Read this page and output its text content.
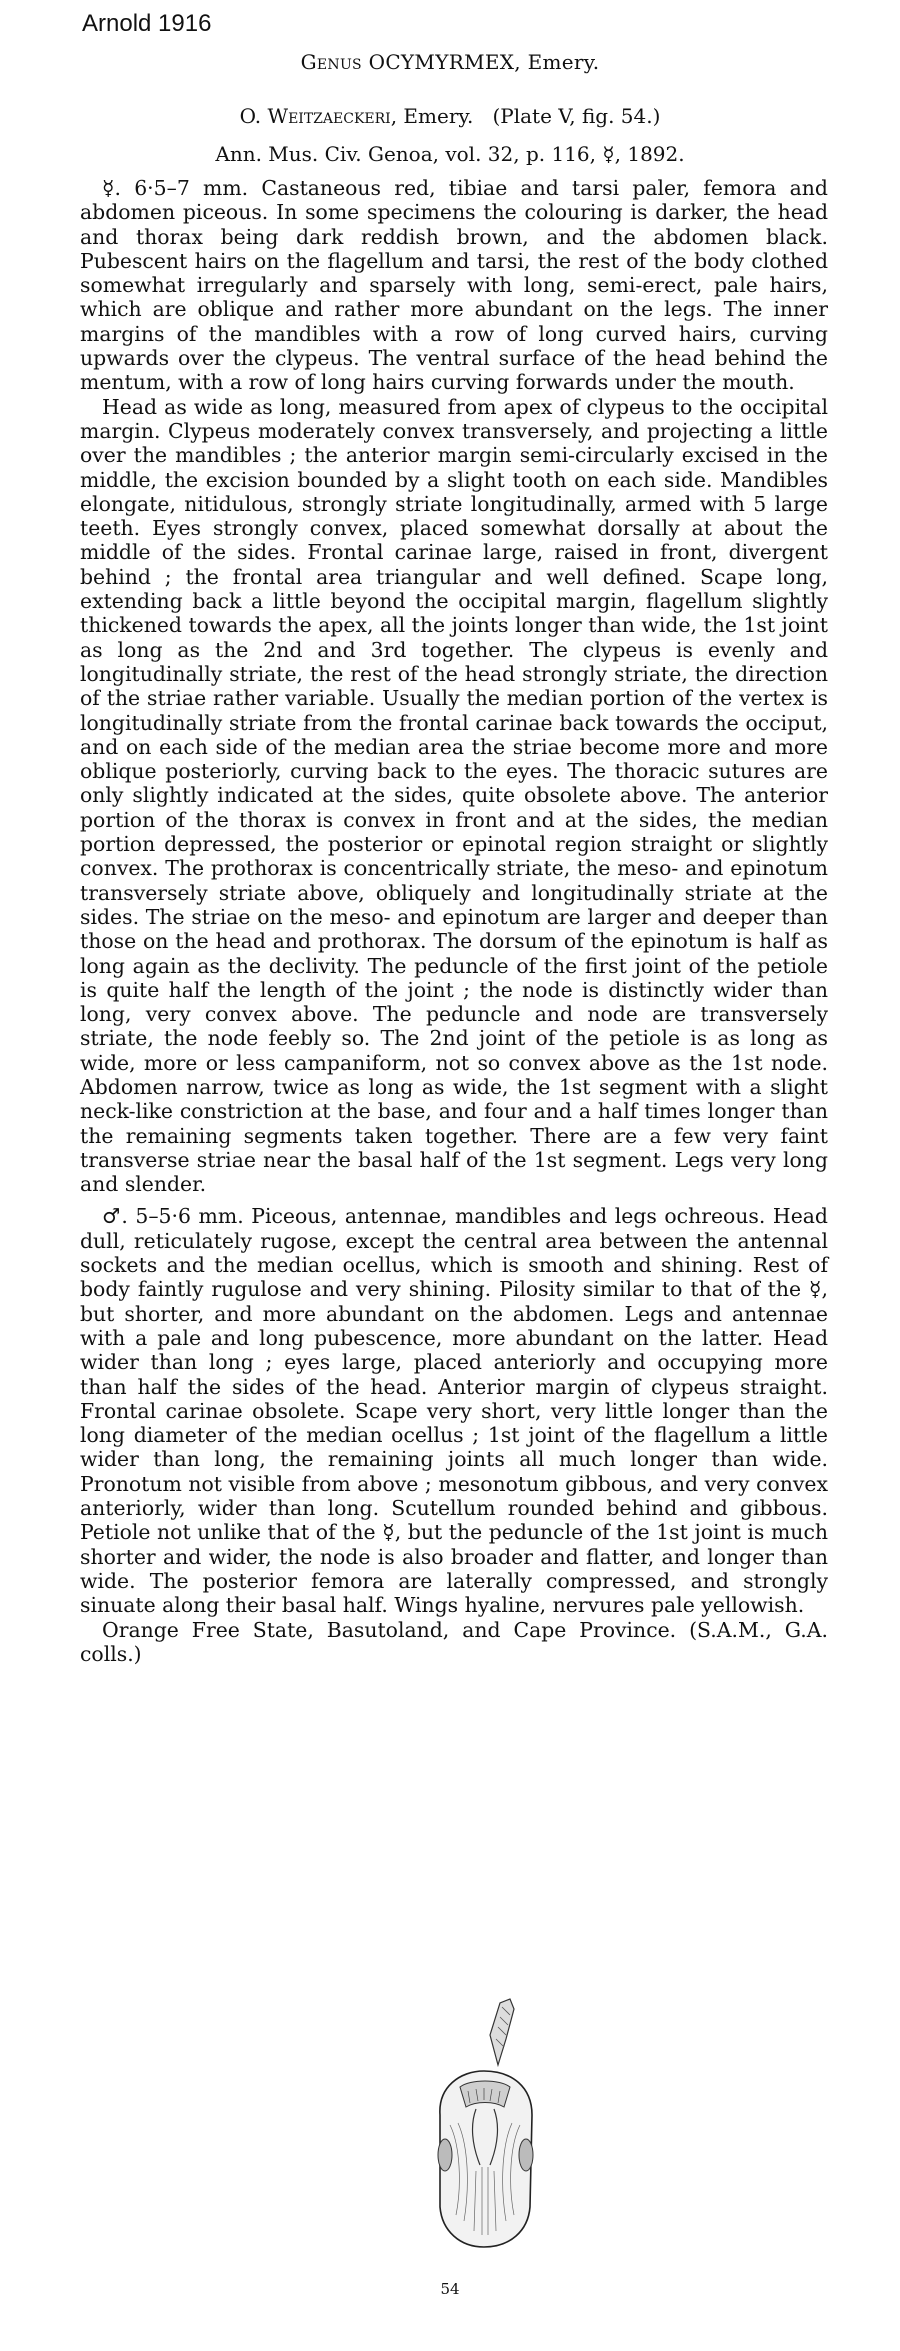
Arnold 1916
Genus OCYMYRMEX, Emery.
O. Weitzaeckeri, Emery. (Plate V, fig. 54.)
Ann. Mus. Civ. Genoa, vol. 32, p. 116, ☿, 1892.

☿. 6·5–7 mm. Castaneous red, tibiae and tarsi paler, femora and abdomen piceous. In some specimens the colouring is darker, the head and thorax being dark reddish brown, and the abdomen black. Pubescent hairs on the flagellum and tarsi, the rest of the body clothed somewhat irregularly and sparsely with long, semi-erect, pale hairs, which are oblique and rather more abundant on the legs. The inner margins of the mandibles with a row of long curved hairs, curving upwards over the clypeus. The ventral surface of the head behind the mentum, with a row of long hairs curving forwards under the mouth.

Head as wide as long, measured from apex of clypeus to the occipital margin. Clypeus moderately convex transversely, and projecting a little over the mandibles ; the anterior margin semi-circularly excised in the middle, the excision bounded by a slight tooth on each side. Mandibles elongate, nitidulous, strongly striate longitudinally, armed with 5 large teeth. Eyes strongly convex, placed somewhat dorsally at about the middle of the sides. Frontal carinae large, raised in front, divergent behind ; the frontal area triangular and well defined. Scape long, extending back a little beyond the occipital margin, flagellum slightly thickened towards the apex, all the joints longer than wide, the 1st joint as long as the 2nd and 3rd together. The clypeus is evenly and longitudinally striate, the rest of the head strongly striate, the direction of the striae rather variable. Usually the median portion of the vertex is longitudinally striate from the frontal carinae back towards the occiput, and on each side of the median area the striae become more and more oblique posteriorly, curving back to the eyes. The thoracic sutures are only slightly indicated at the sides, quite obsolete above. The anterior portion of the thorax is convex in front and at the sides, the median portion depressed, the posterior or epinotal region straight or slightly convex. The prothorax is concentrically striate, the meso- and epinotum transversely striate above, obliquely and longitudinally striate at the sides. The striae on the meso- and epinotum are larger and deeper than those on the head and prothorax. The dorsum of the epinotum is half as long again as the declivity. The peduncle of the first joint of the petiole is quite half the length of the joint ; the node is distinctly wider than long, very convex above. The peduncle and node are transversely striate, the node feebly so. The 2nd joint of the petiole is as long as wide, more or less campaniform, not so convex above as the 1st node. Abdomen narrow, twice as long as wide, the 1st segment with a slight neck-like constriction at the base, and four and a half times longer than the remaining segments taken together. There are a few very faint transverse striae near the basal half of the 1st segment. Legs very long and slender.

♂. 5–5·6 mm. Piceous, antennae, mandibles and legs ochreous. Head dull, reticulately rugose, except the central area between the antennal sockets and the median ocellus, which is smooth and shining. Rest of body faintly rugulose and very shining. Pilosity similar to that of the ☿, but shorter, and more abundant on the abdomen. Legs and antennae with a pale and long pubescence, more abundant on the latter. Head wider than long ; eyes large, placed anteriorly and occupying more than half the sides of the head. Anterior margin of clypeus straight. Frontal carinae obsolete. Scape very short, very little longer than the long diameter of the median ocellus ; 1st joint of the flagellum a little wider than long, the remaining joints all much longer than wide. Pronotum not visible from above ; mesonotum gibbous, and very convex anteriorly, wider than long. Scutellum rounded behind and gibbous. Petiole not unlike that of the ☿, but the peduncle of the 1st joint is much shorter and wider, the node is also broader and flatter, and longer than wide. The posterior femora are laterally compressed, and strongly sinuate along their basal half. Wings hyaline, nervures pale yellowish.

Orange Free State, Basutoland, and Cape Province. (S.A.M., G.A. colls.)

54
